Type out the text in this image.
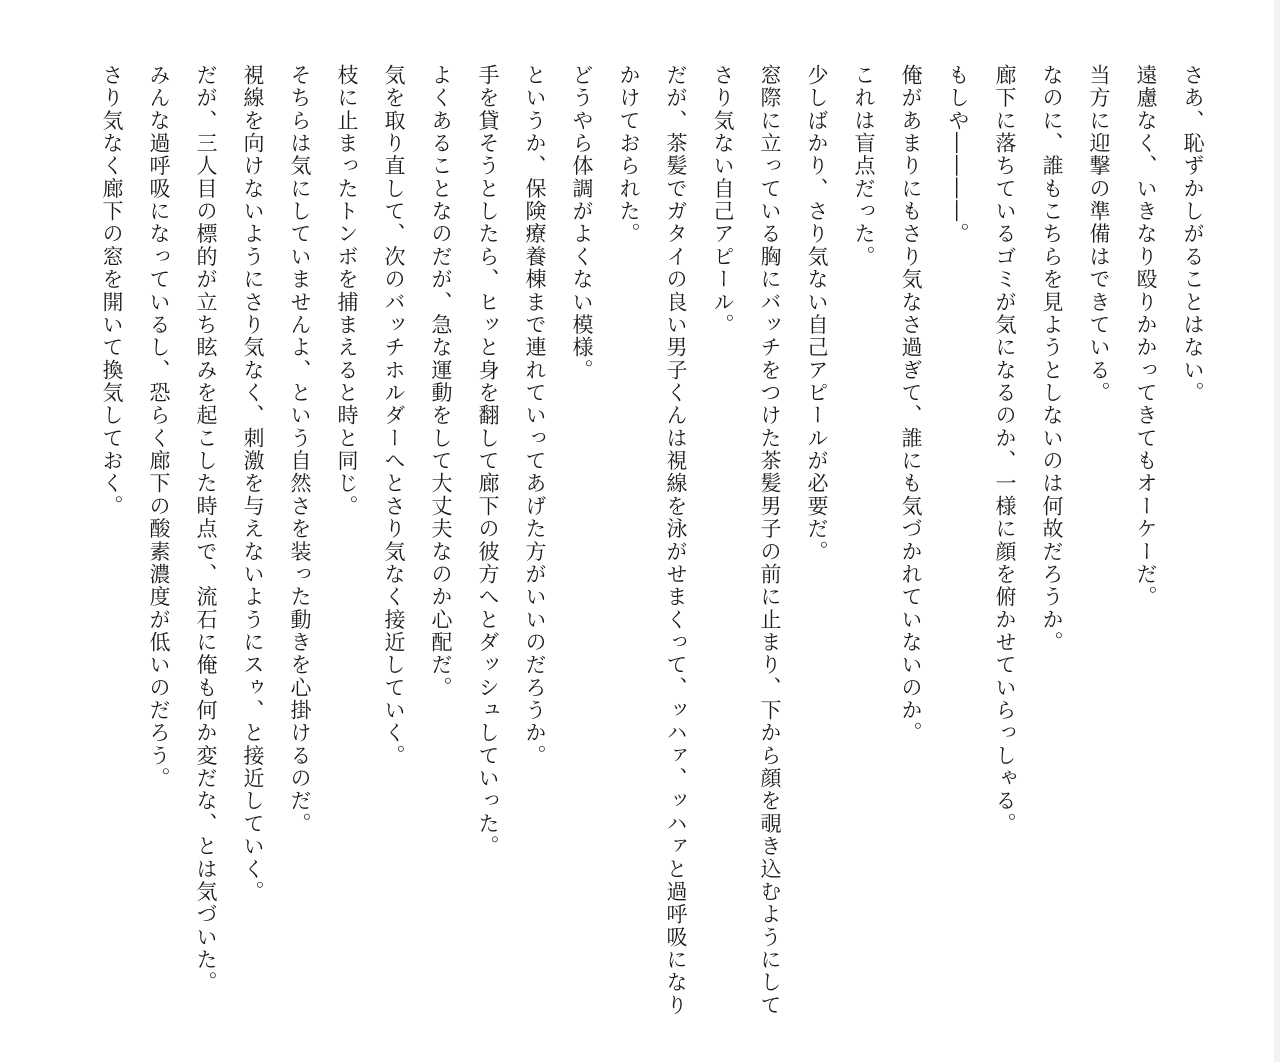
さあ、恥ずかしがることはない。

遠慮なく、いきなり殴りかかってきてもオーケーだ。

当方に迎撃の準備はできている。

なのに、誰もこちらを見ようとしないのは何故だろうか。

廊下に落ちているゴミが気になるのか、一様に顔を俯かせていらっしゃる。

もしや――――。

俺があまりにもさり気なさ過ぎて、誰にも気づかれていないのか。

これは盲点だった。

少しばかり、さり気ない自己アピールが必要だ。

窓際に立っている胸にバッチをつけた茶髪男子の前に止まり、下から顔を覗き込むようにしてさり気ない自己アピール。

だが、茶髪でガタイの良い男子くんは視線を泳がせまくって、ッハァ、ッハァと過呼吸になりかけておられた。

どうやら体調がよくない模様。

というか、保険療養棟まで連れていってあげた方がいいのだろうか。

手を貸そうとしたら、ヒッと身を翻して廊下の彼方へとダッシュしていった。

よくあることなのだが、急な運動をして大丈夫なのか心配だ。

気を取り直して、次のバッチホルダーへとさり気なく接近していく。

枝に止まったトンボを捕まえると時と同じ。

そちらは気にしていませんよ、という自然さを装った動きを心掛けるのだ。

視線を向けないようにさり気なく、刺激を与えないようにスゥ、と接近していく。

だが、三人目の標的が立ち眩みを起こした時点で、流石に俺も何か変だな、とは気づいた。

みんな過呼吸になっているし、恐らく廊下の酸素濃度が低いのだろう。

さり気なく廊下の窓を開いて換気しておく。
